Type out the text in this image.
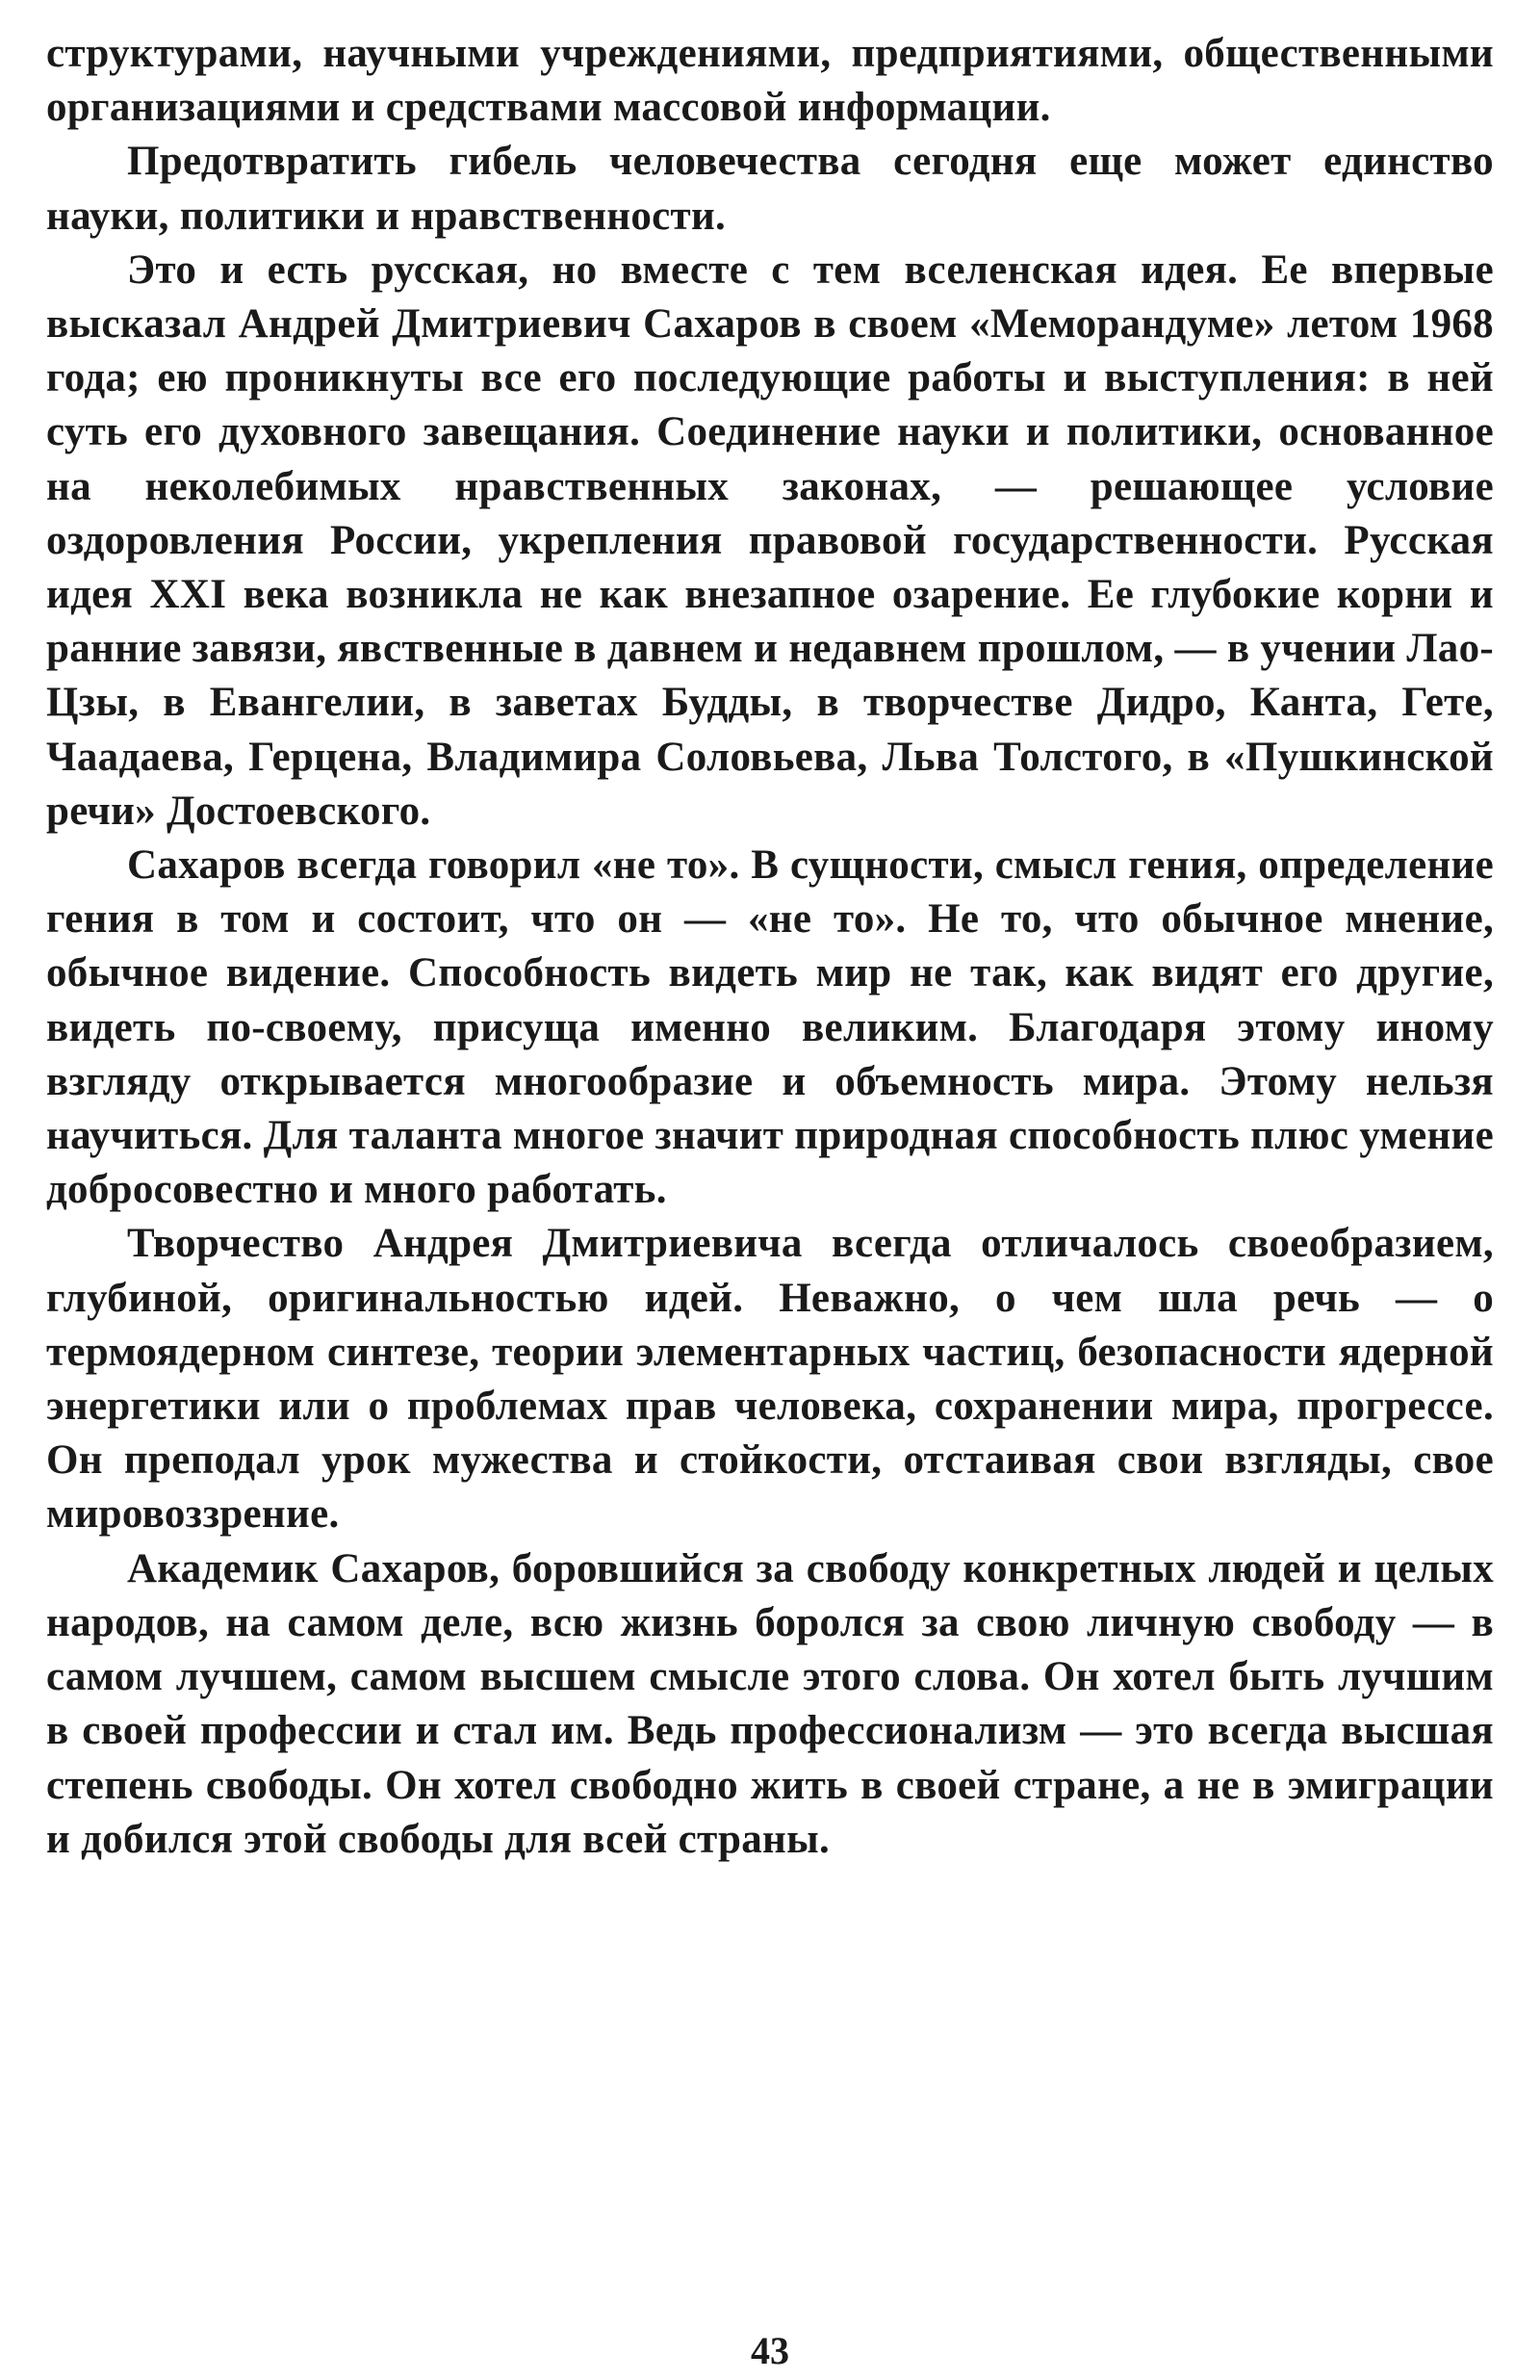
структурами, научными учреждениями, предприятиями, общественными организациями и средствами массовой информации.

Предотвратить гибель человечества сегодня еще может единство науки, политики и нравственности.

Это и есть русская, но вместе с тем вселенская идея. Ее впервые высказал Андрей Дмитриевич Сахаров в своем «Меморандуме» летом 1968 года; ею проникнуты все его последующие работы и выступления: в ней суть его духовного завещания. Соединение науки и политики, основанное на неколебимых нравственных законах, — решающее условие оздоровления России, укрепления правовой государственности. Русская идея XXI века возникла не как внезапное озарение. Ее глубокие корни и ранние завязи, явственные в давнем и недавнем прошлом, — в учении Лао-Цзы, в Евангелии, в заветах Будды, в творчестве Дидро, Канта, Гете, Чаадаева, Герцена, Владимира Соловьева, Льва Толстого, в «Пушкинской речи» Достоевского.

Сахаров всегда говорил «не то». В сущности, смысл гения, определение гения в том и состоит, что он — «не то». Не то, что обычное мнение, обычное видение. Способность видеть мир не так, как видят его другие, видеть по-своему, присуща именно великим. Благодаря этому иному взгляду открывается многообразие и объемность мира. Этому нельзя научиться. Для таланта многое значит природная способность плюс умение добросовестно и много работать.

Творчество Андрея Дмитриевича всегда отличалось своеобразием, глубиной, оригинальностью идей. Неважно, о чем шла речь — о термоядерном синтезе, теории элементарных частиц, безопасности ядерной энергетики или о проблемах прав человека, сохранении мира, прогрессе. Он преподал урок мужества и стойкости, отстаивая свои взгляды, свое мировоззрение.

Академик Сахаров, боровшийся за свободу конкретных людей и целых народов, на самом деле, всю жизнь боролся за свою личную свободу — в самом лучшем, самом высшем смысле этого слова. Он хотел быть лучшим в своей профессии и стал им. Ведь профессионализм — это всегда высшая степень свободы. Он хотел свободно жить в своей стране, а не в эмиграции и добился этой свободы для всей страны.

43
